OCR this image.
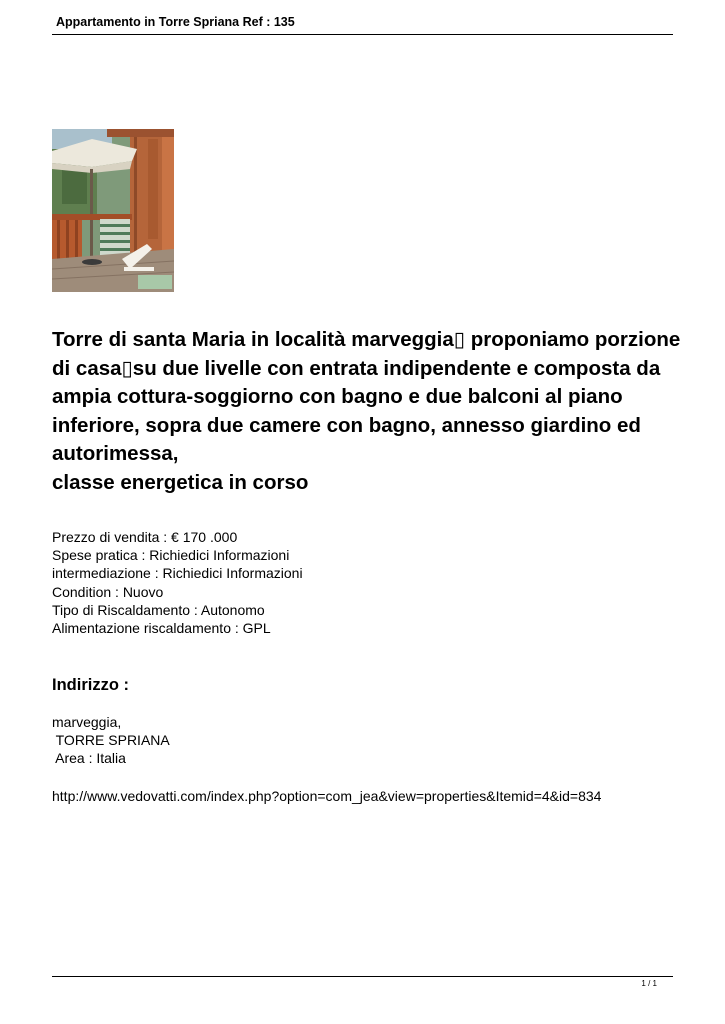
Appartamento in Torre Spriana Ref : 135
Torre di santa Maria in località marveggia▯ proponiamo porzione di casa▯su due livelle con entrata indipendente e composta da ampia cottura-soggiorno con bagno e due balconi al piano inferiore, sopra due camere con bagno, annesso giardino ed autorimessa,
classe energetica in corso
Prezzo di vendita : € 170 .000
Spese pratica : Richiedici Informazioni
intermediazione : Richiedici Informazioni
Condition : Nuovo
Tipo di Riscaldamento : Autonomo
Alimentazione riscaldamento : GPL
Indirizzo :
marveggia,
TORRE SPRIANA
Area : Italia
http://www.vedovatti.com/index.php?option=com_jea&view=properties&Itemid=4&id=834
1 / 1
